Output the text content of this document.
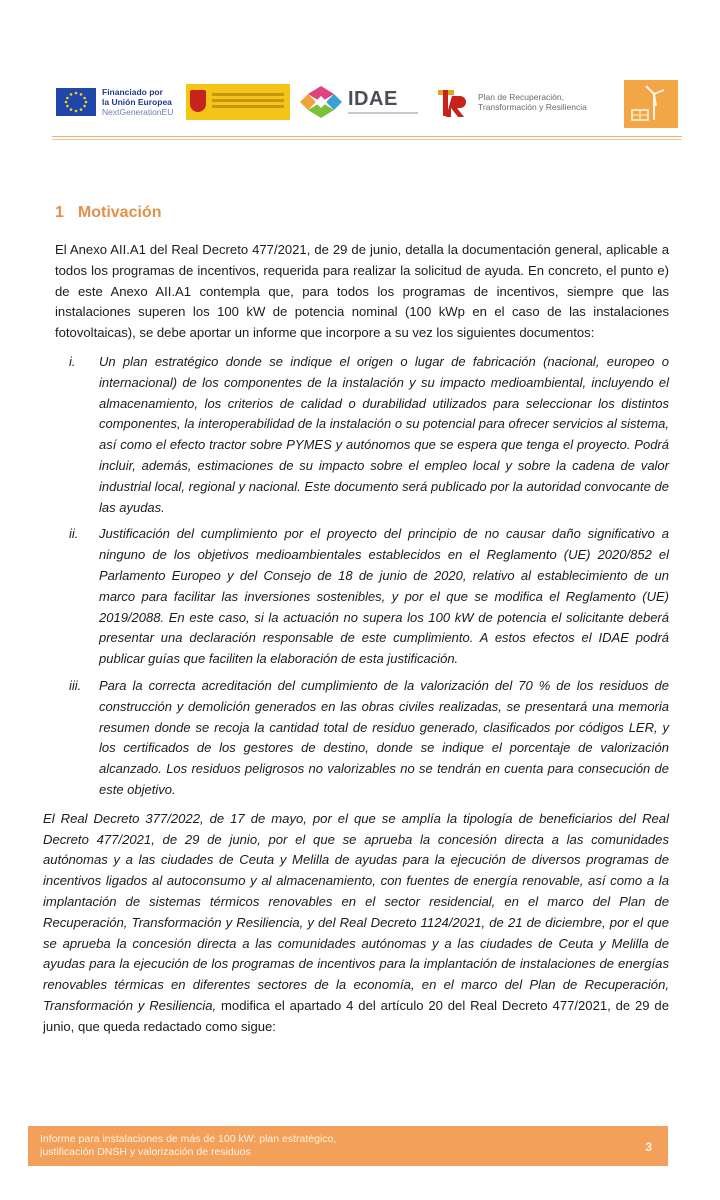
Financiado por
la Unión Europea
NextGenerationEU
IDAE	Plan de Recuperación,
Transformación y Resiliencia
1 Motivación

El Anexo AII.A1 del Real Decreto 477/2021, de 29 de junio, detalla la documentación general, aplicable a todos los programas de incentivos, requerida para realizar la solicitud de ayuda. En concreto, el punto e) de este Anexo AII.A1 contempla que, para todos los programas de incentivos, siempre que las instalaciones superen los 100 kW de potencia nominal (100 kWp en el caso de las instalaciones fotovoltaicas), se debe aportar un informe que incorpore a su vez los siguientes documentos:

i.	Un plan estratégico donde se indique el origen o lugar de fabricación (nacional, europeo o internacional) de los componentes de la instalación y su impacto medioambiental, incluyendo el almacenamiento, los criterios de calidad o durabilidad utilizados para seleccionar los distintos componentes, la interoperabilidad de la instalación o su potencial para ofrecer servicios al sistema, así como el efecto tractor sobre PYMES y autónomos que se espera que tenga el proyecto. Podrá incluir, además, estimaciones de su impacto sobre el empleo local y sobre la cadena de valor industrial local, regional y nacional. Este documento será publicado por la autoridad convocante de las ayudas.
ii.	Justificación del cumplimiento por el proyecto del principio de no causar daño significativo a ninguno de los objetivos medioambientales establecidos en el Reglamento (UE) 2020/852 el Parlamento Europeo y del Consejo de 18 de junio de 2020, relativo al establecimiento de un marco para facilitar las inversiones sostenibles, y por el que se modifica el Reglamento (UE) 2019/2088. En este caso, si la actuación no supera los 100 kW de potencia el solicitante deberá presentar una declaración responsable de este cumplimiento. A estos efectos el IDAE podrá publicar guías que faciliten la elaboración de esta justificación.
iii.	Para la correcta acreditación del cumplimiento de la valorización del 70 % de los residuos de construcción y demolición generados en las obras civiles realizadas, se presentará una memoria resumen donde se recoja la cantidad total de residuo generado, clasificados por códigos LER, y los certificados de los gestores de destino, donde se indique el porcentaje de valorización alcanzado. Los residuos peligrosos no valorizables no se tendrán en cuenta para consecución de este objetivo.

El Real Decreto 377/2022, de 17 de mayo, por el que se amplía la tipología de beneficiarios del Real Decreto 477/2021, de 29 de junio, por el que se aprueba la concesión directa a las comunidades autónomas y a las ciudades de Ceuta y Melilla de ayudas para la ejecución de diversos programas de incentivos ligados al autoconsumo y al almacenamiento, con fuentes de energía renovable, así como a la implantación de sistemas térmicos renovables en el sector residencial, en el marco del Plan de Recuperación, Transformación y Resiliencia, y del Real Decreto 1124/2021, de 21 de diciembre, por el que se aprueba la concesión directa a las comunidades autónomas y a las ciudades de Ceuta y Melilla de ayudas para la ejecución de los programas de incentivos para la implantación de instalaciones de energías renovables térmicas en diferentes sectores de la economía, en el marco del Plan de Recuperación, Transformación y Resiliencia, modifica el apartado 4 del artículo 20 del Real Decreto 477/2021, de 29 de junio, que queda redactado como sigue:

Informe para instalaciones de más de 100 kW: plan estratégico,
justificación DNSH y valorización de residuos	3
